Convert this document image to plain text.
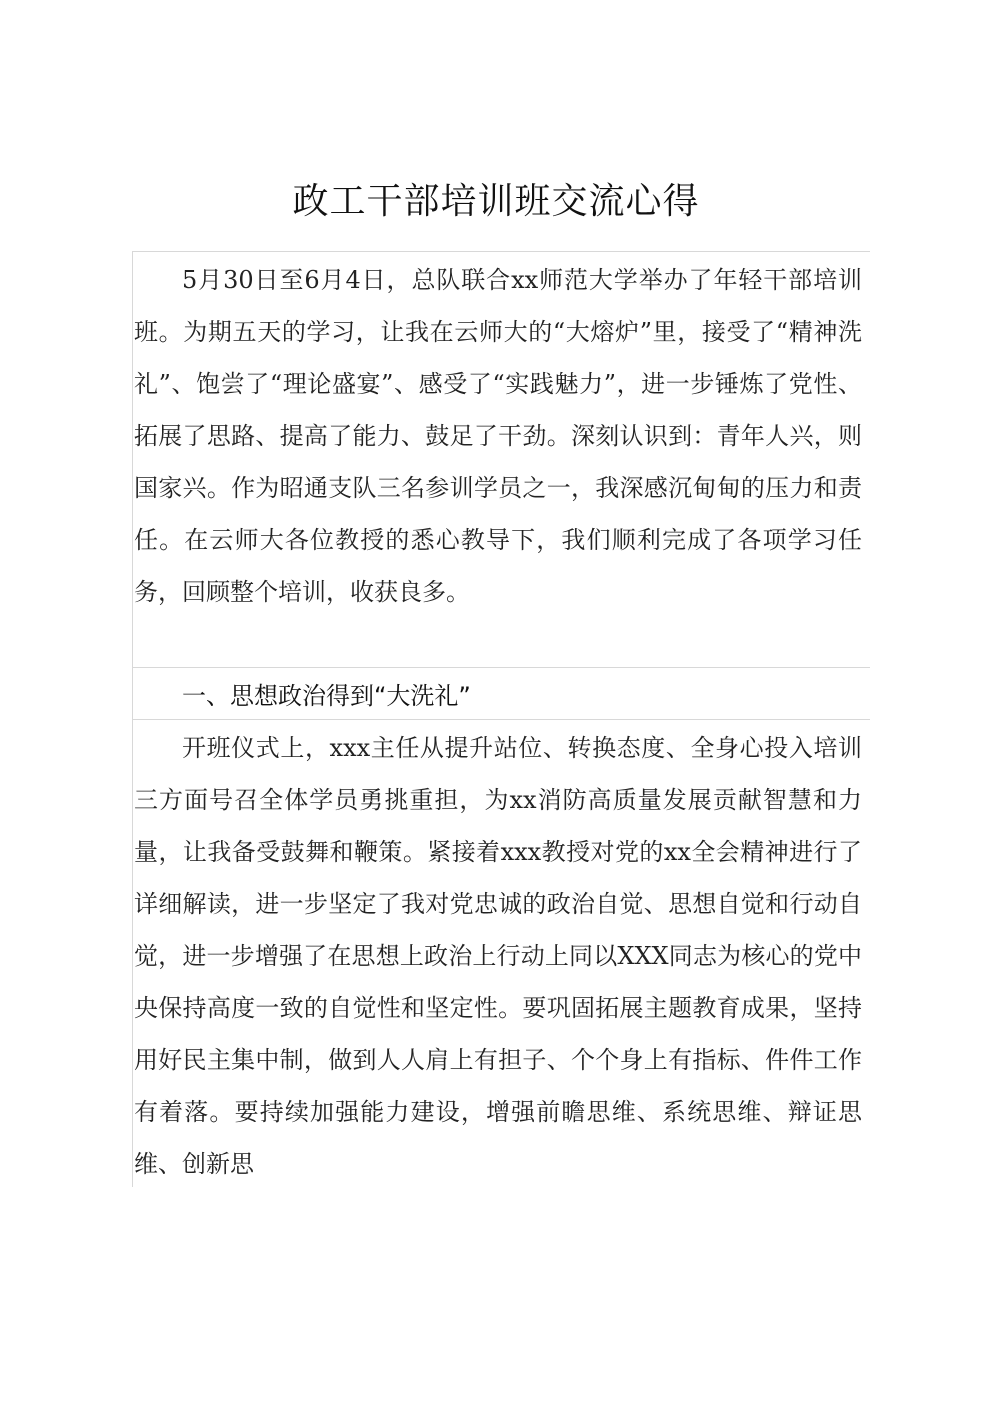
政工干部培训班交流心得

5月30日至6月4日，总队联合xx师范大学举办了年轻干部培训班。为期五天的学习，让我在云师大的“大熔炉”里，接受了“精神洗礼”、饱尝了“理论盛宴”、感受了“实践魅力”，进一步锤炼了党性、拓展了思路、提高了能力、鼓足了干劲。深刻认识到：青年人兴，则国家兴。作为昭通支队三名参训学员之一，我深感沉甸甸的压力和责任。在云师大各位教授的悉心教导下，我们顺利完成了各项学习任务，回顾整个培训，收获良多。

一、思想政治得到“大洗礼”

开班仪式上，xxx主任从提升站位、转换态度、全身心投入培训三方面号召全体学员勇挑重担，为xx消防高质量发展贡献智慧和力量，让我备受鼓舞和鞭策。紧接着xxx教授对党的xx全会精神进行了详细解读，进一步坚定了我对党忠诚的政治自觉、思想自觉和行动自觉，进一步增强了在思想上政治上行动上同以XXX同志为核心的党中央保持高度一致的自觉性和坚定性。要巩固拓展主题教育成果，坚持用好民主集中制，做到人人肩上有担子、个个身上有指标、件件工作有着落。要持续加强能力建设，增强前瞻思维、系统思维、辩证思维、创新思
